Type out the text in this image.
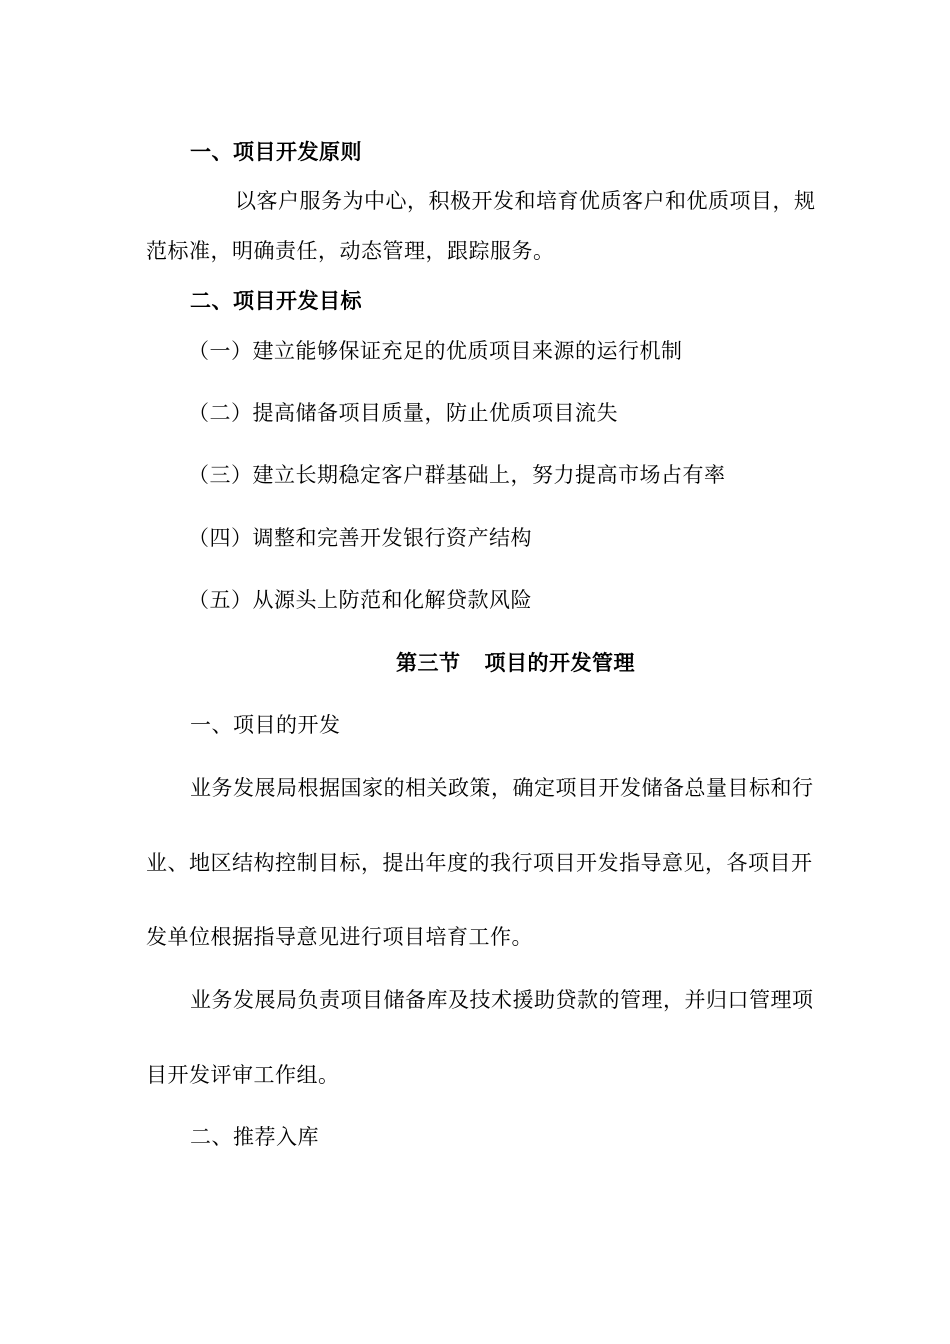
一、项目开发原则
以客户服务为中心，积极开发和培育优质客户和优质项目，规
范标准，明确责任，动态管理，跟踪服务。
二、项目开发目标
（一）建立能够保证充足的优质项目来源的运行机制
（二）提高储备项目质量，防止优质项目流失
（三）建立长期稳定客户群基础上，努力提高市场占有率
（四）调整和完善开发银行资产结构
（五）从源头上防范和化解贷款风险
第三节 项目的开发管理
一、项目的开发
业务发展局根据国家的相关政策，确定项目开发储备总量目标和行
业、地区结构控制目标，提出年度的我行项目开发指导意见，各项目开
发单位根据指导意见进行项目培育工作。
业务发展局负责项目储备库及技术援助贷款的管理，并归口管理项
目开发评审工作组。
二、推荐入库
